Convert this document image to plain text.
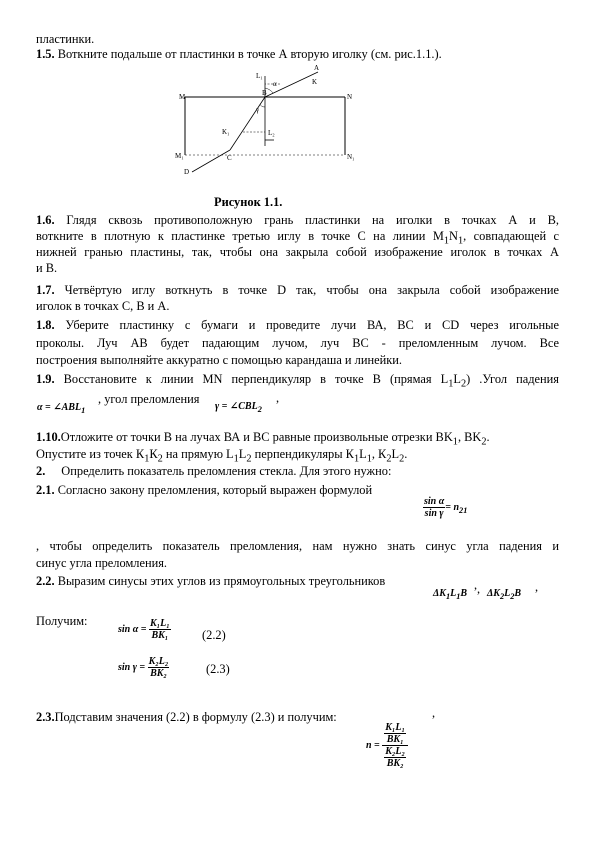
пластинки.
1.5. Воткните подальше от пластинки в точке А вторую иголку (см. рис.1.1.).
L₁
B
A
K
M	N
M₁	N₁
K₁	L₂
D
C
α
γ
Рисунок 1.1.
1.6. Глядя сквозь противоположную грань пластинки на иголки в точках А и В,
воткните в плотную к пластинке третью иглу в точке С на линии $М_1N_1$, совпадающей с
нижней гранью пластины, так, чтобы она закрыла собой изображение иголок в точках А
и В.
1.7. Четвёртую иглу воткнуть в точке D так, чтобы она закрыла собой изображение
иголок в точках С, В и А.
1.8. Уберите пластинку с бумаги и проведите лучи ВА, ВС и CD через игольные
проколы. Луч АВ будет падающим лучом, луч ВС - преломленным лучом. Все
построения выполняйте аккуратно с помощью карандаша и линейки.
1.9. Восстановите к линии MN перпендикуляр в точке B (прямая $L_1L_2$) .Угол падения
$\alpha = \angle ABL_1$
, угол преломления
$\gamma = \angle CBL_2$
,
1.10.Отложите от точки В на лучах ВА и ВС равные произвольные отрезки $ВK_1$, $ВK_2$.
Опустите из точек $К_1К_2$ на прямую $L_1L_2$ перпендикуляры $К_1L_1$, $К_2L_2$.
2. Определить показатель преломления стекла. Для этого нужно:
2.1. Согласно закону преломления, который выражен формулой
$\frac{\text{sin α}}{\text{sin γ}} = n_{21}$
, чтобы определить показатель преломления, нам нужно знать синус угла падения и
синус угла преломления.
2.2. Выразим синусы этих углов из прямоугольных треугольников	,
$\Delta K_1L_1B$ , $\Delta K_2L_2B$ ,
Получим:
$\sin \alpha = \frac{\text{K₁L₁}}{\text{BK₁}}$	(2.2)
$\sin \gamma = \frac{\text{K₂L₂}}{\text{BK₂}}$	(2.3)
2.3.Подставим значения (2.2) в формулу (2.3) и получим:	,
$n = \frac{\frac{\text{K₁L₁}}{\text{BK₁}}}{\frac{\text{K₂L₂}}{\text{BK₂}}}$
